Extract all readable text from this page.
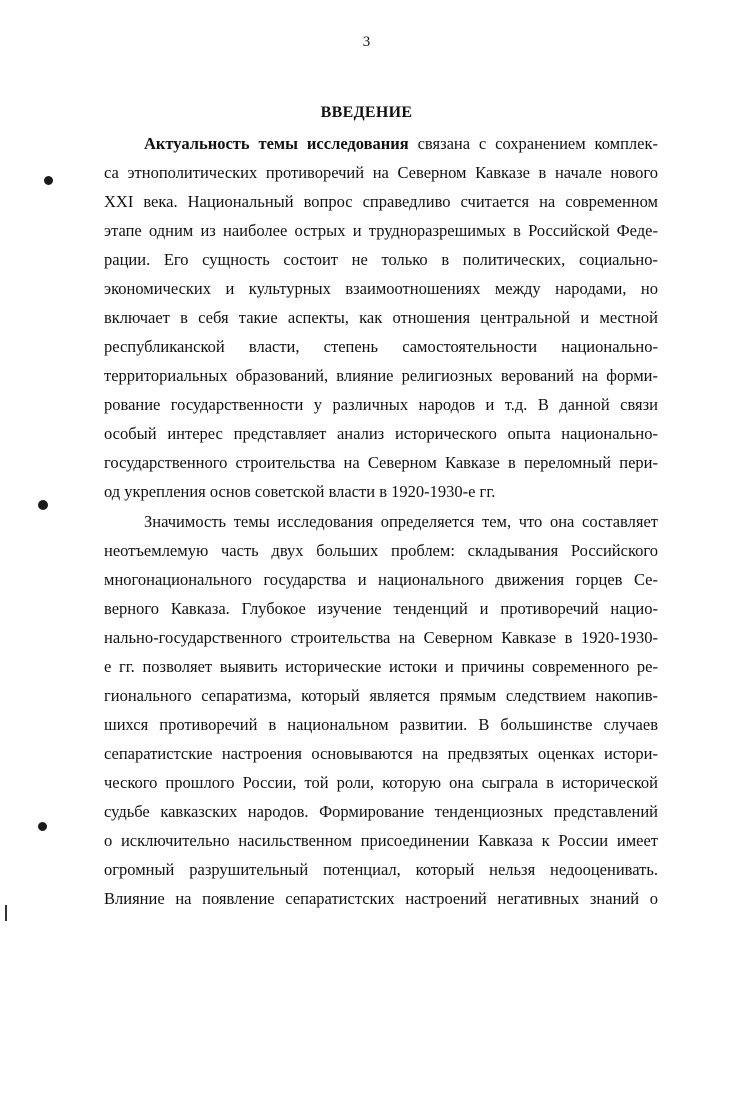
3
ВВЕДЕНИЕ
Актуальность темы исследования связана с сохранением комплек-
са этнополитических противоречий на Северном Кавказе в начале нового
XXI века. Национальный вопрос справедливо считается на современном
этапе одним из наиболее острых и трудноразрешимых в Российской Феде-
рации. Его сущность состоит не только в политических, социально-
экономических и культурных взаимоотношениях между народами, но
включает в себя такие аспекты, как отношения центральной и местной
республиканской власти, степень самостоятельности национально-
территориальных образований, влияние религиозных верований на форми-
рование государственности у различных народов и т.д. В данной связи
особый интерес представляет анализ исторического опыта национально-
государственного строительства на Северном Кавказе в переломный пери-
од укрепления основ советской власти в 1920-1930-е гг.
Значимость темы исследования определяется тем, что она составляет
неотъемлемую часть двух больших проблем: складывания Российского
многонационального государства и национального движения горцев Се-
верного Кавказа. Глубокое изучение тенденций и противоречий нацио-
нально-государственного строительства на Северном Кавказе в 1920-1930-
е гг. позволяет выявить исторические истоки и причины современного ре-
гионального сепаратизма, который является прямым следствием накопив-
шихся противоречий в национальном развитии. В большинстве случаев
сепаратистские настроения основываются на предвзятых оценках истори-
ческого прошлого России, той роли, которую она сыграла в исторической
судьбе кавказских народов. Формирование тенденциозных представлений
о исключительно насильственном присоединении Кавказа к России имеет
огромный разрушительный потенциал, который нельзя недооценивать.
Влияние на появление сепаратистских настроений негативных знаний о
